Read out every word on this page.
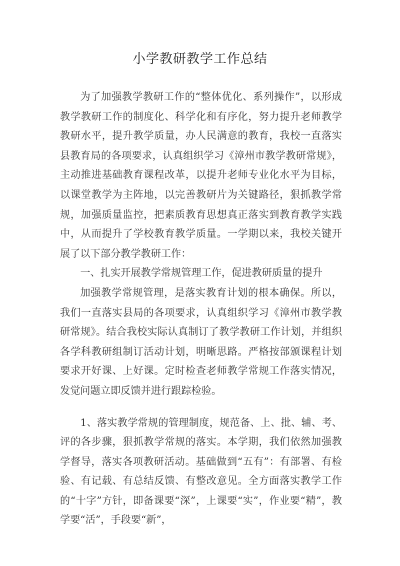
小学教研教学工作总结

为了加强教学教研工作的“整体优化、系列操作”，以形成教学教研工作的制度化、科学化和有序化，努力提升老师教学教研水平，提升教学质量，办人民满意的教育，我校一直落实县教育局的各项要求，认真组织学习《漳州市教学教研常规》，主动推进基础教育课程改革，以提升老师专业化水平为目标，以课堂教学为主阵地，以完善教研片为关键路径，狠抓教学常规，加强质量监控，把素质教育思想真正落实到教育教学实践中，从而提升了学校教育教学质量。一学期以来，我校关键开展了以下部分教学教研工作：

一、扎实开展教学常规管理工作，促进教研质量的提升

加强教学常规管理，是落实教育计划的根本确保。所以，我们一直落实县局的各项要求，认真组织学习《漳州市教学教研常规》。结合我校实际认真制订了教学教研工作计划，并组织各学科教研组制订活动计划，明晰思路。严格按部颁课程计划要求开好课、上好课。定时检查老师教学常规工作落实情况，发觉问题立即反馈并进行跟踪检验。

1、落实教学常规的管理制度，规范备、上、批、辅、考、评的各步骤，狠抓教学常规的落实。本学期，我们依然加强教学督导，落实各项教研活动。基础做到“五有”：有部署、有检验、有记载、有总结反馈、有整改意见。全方面落实教学工作的“十字”方针，即备课要“深”，上课要“实”，作业要“精”，教学要“活”，手段要“新”，
